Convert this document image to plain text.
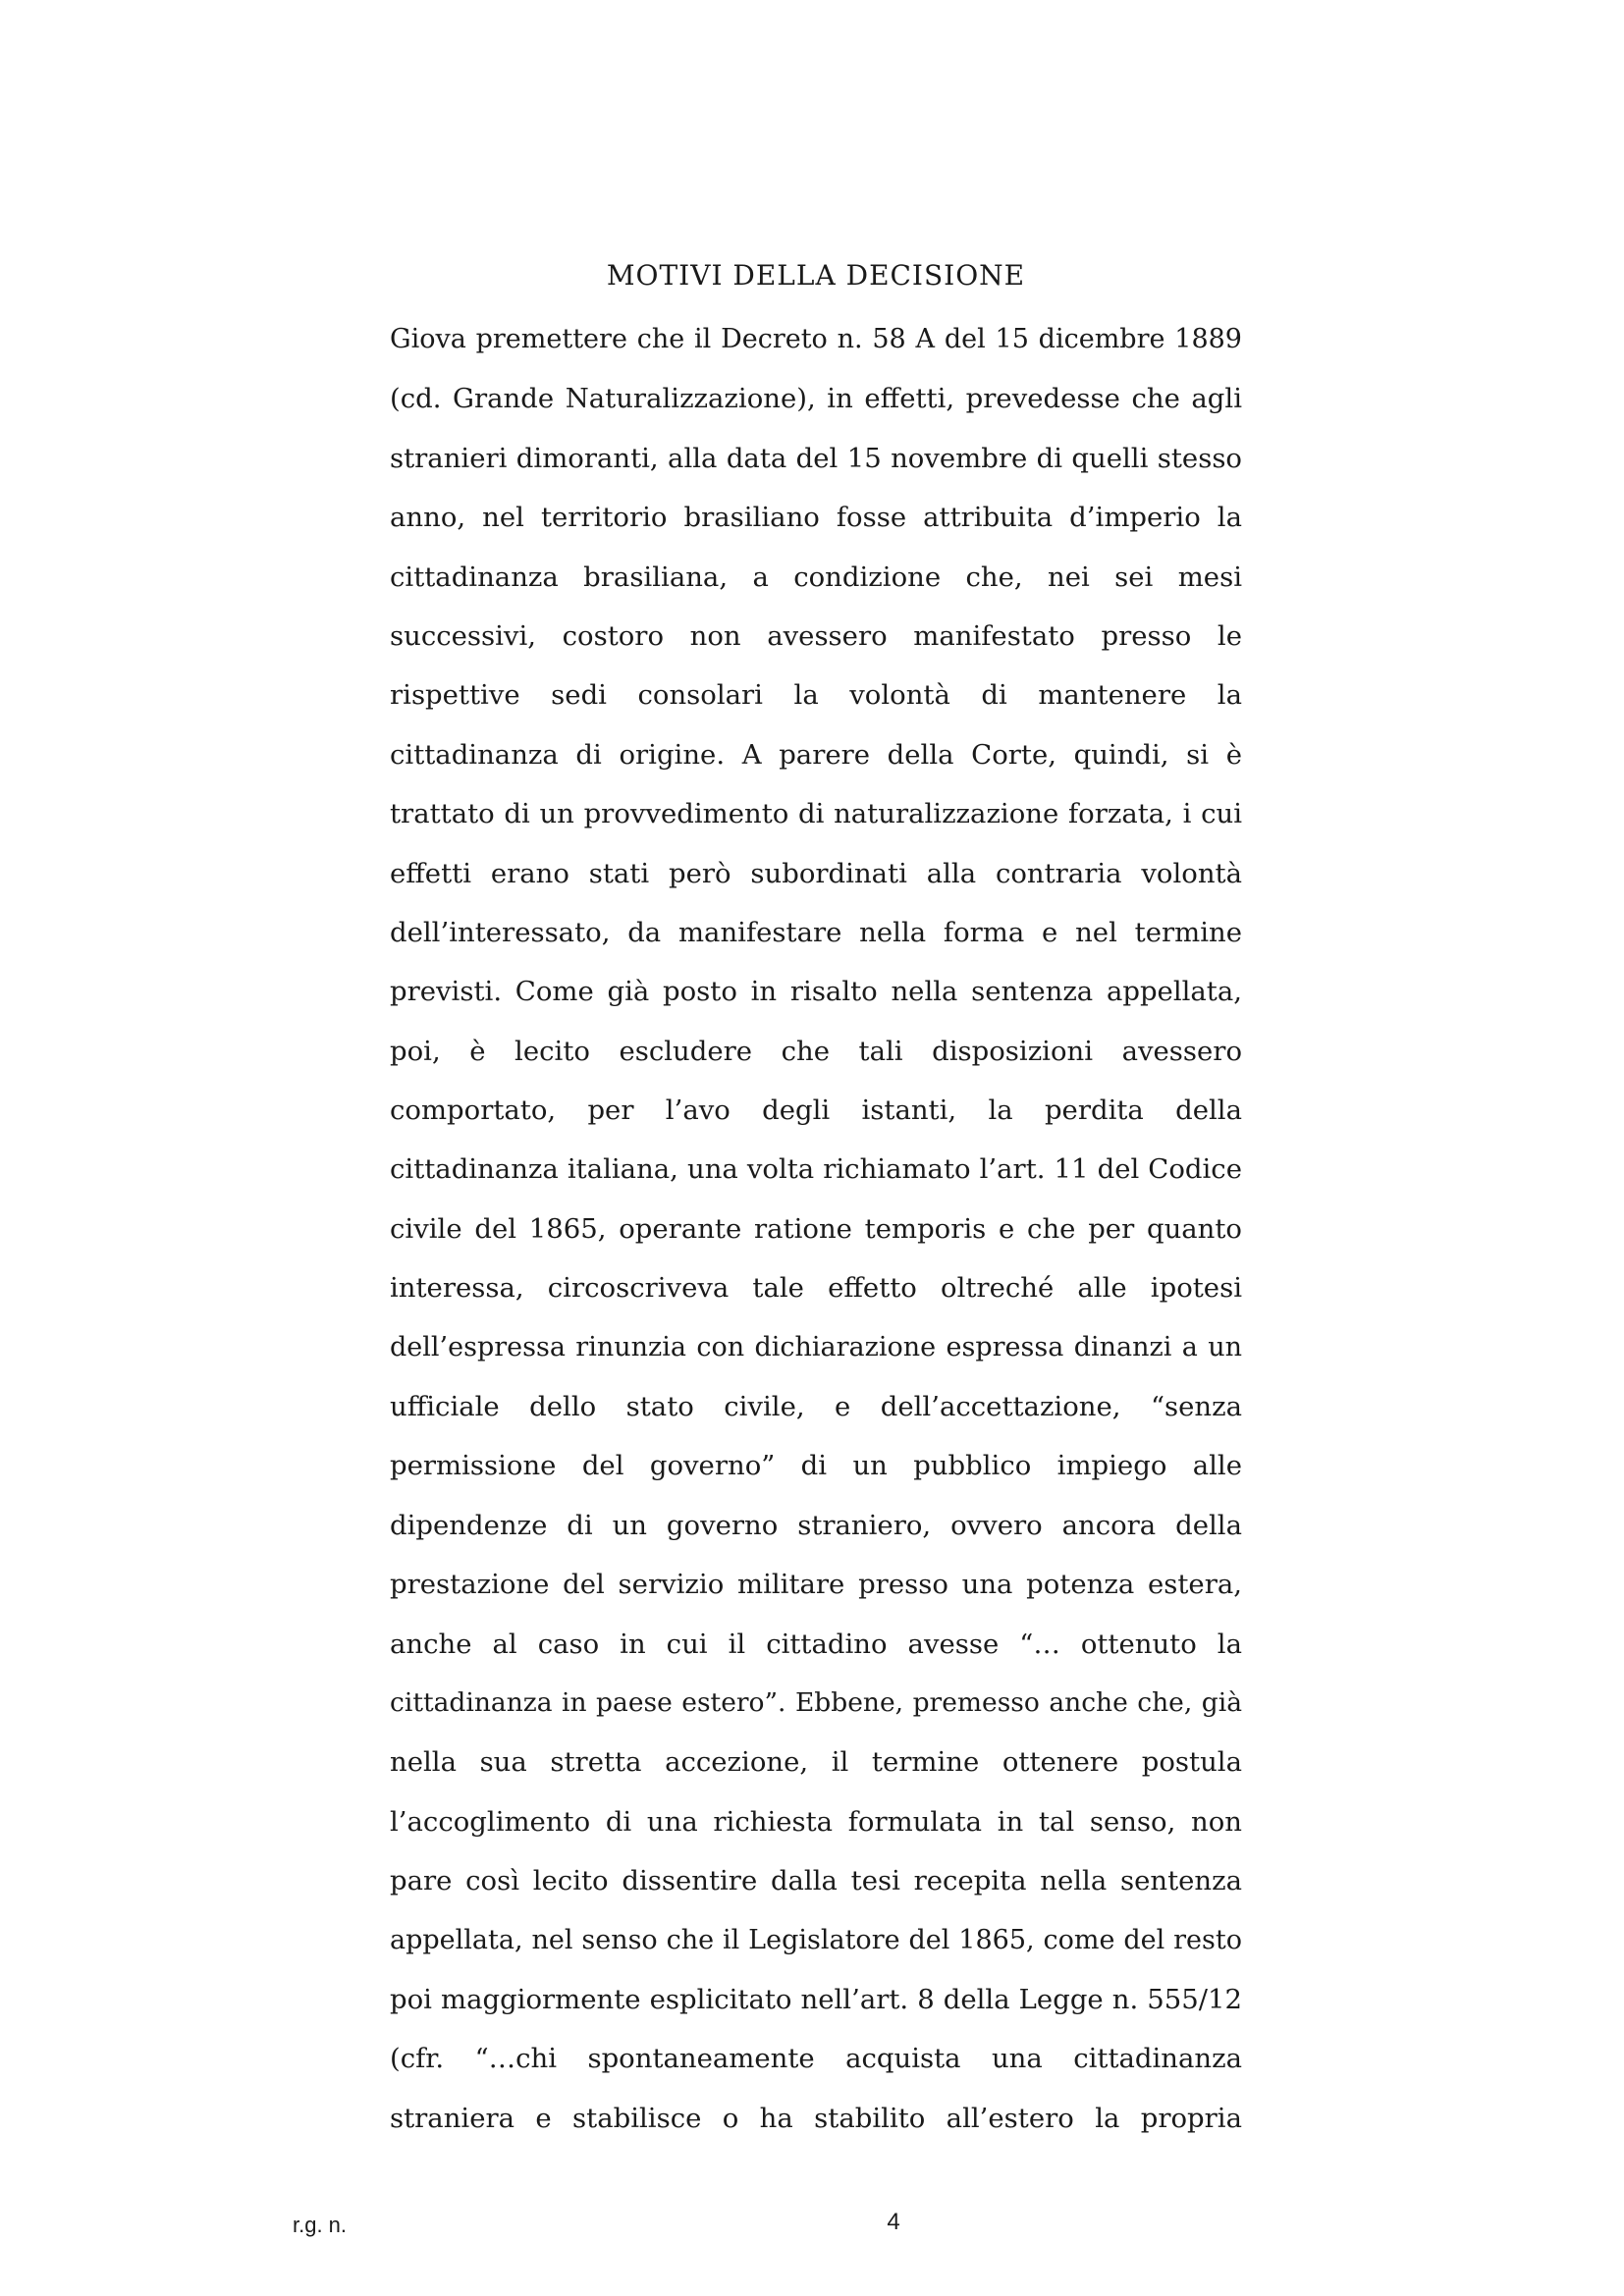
MOTIVI DELLA DECISIONE
Giova premettere che il Decreto n. 58 A del 15 dicembre 1889
(cd. Grande Naturalizzazione), in effetti, prevedesse che agli
stranieri dimoranti, alla data del 15 novembre di quelli stesso
anno, nel territorio brasiliano fosse attribuita d’imperio la
cittadinanza brasiliana, a condizione che, nei sei mesi
successivi, costoro non avessero manifestato presso le
rispettive sedi consolari la volontà di mantenere la
cittadinanza di origine. A parere della Corte, quindi, si è
trattato di un provvedimento di naturalizzazione forzata, i cui
effetti erano stati però subordinati alla contraria volontà
dell’interessato, da manifestare nella forma e nel termine
previsti. Come già posto in risalto nella sentenza appellata,
poi, è lecito escludere che tali disposizioni avessero
comportato, per l’avo degli istanti, la perdita della
cittadinanza italiana, una volta richiamato l’art. 11 del Codice
civile del 1865, operante ratione temporis e che per quanto
interessa, circoscriveva tale effetto oltreché alle ipotesi
dell’espressa rinunzia con dichiarazione espressa dinanzi a un
ufficiale dello stato civile, e dell’accettazione, “senza
permissione del governo” di un pubblico impiego alle
dipendenze di un governo straniero, ovvero ancora della
prestazione del servizio militare presso una potenza estera,
anche al caso in cui il cittadino avesse “… ottenuto la
cittadinanza in paese estero”. Ebbene, premesso anche che, già
nella sua stretta accezione, il termine ottenere postula
l’accoglimento di una richiesta formulata in tal senso, non
pare così lecito dissentire dalla tesi recepita nella sentenza
appellata, nel senso che il Legislatore del 1865, come del resto
poi maggiormente esplicitato nell’art. 8 della Legge n. 555/12
(cfr. “…chi spontaneamente acquista una cittadinanza
straniera e stabilisce o ha stabilito all’estero la propria
r.g. n.	4
